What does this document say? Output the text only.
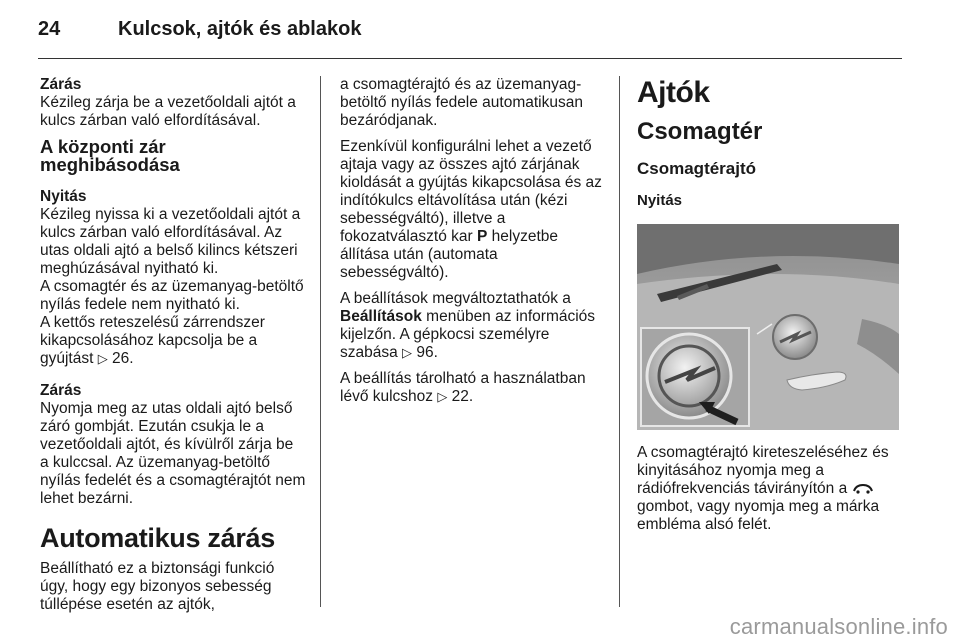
24	Kulcsok, ajtók és ablakok

Zárás
Kézileg zárja be a vezetőoldali ajtót a kulcs zárban való elfordításával.

A központi zár meghibásodása

Nyitás
Kézileg nyissa ki a vezetőoldali ajtót a kulcs zárban való elfordításával. Az utas oldali ajtó a belső kilincs kétszeri meghúzásával nyitható ki.

A csomagtér és az üzemanyag-betöltő nyílás fedele nem nyitható ki.

A kettős reteszelésű zárrendszer kikapcsolásához kapcsolja be a gyújtást ▷ 26.

Zárás
Nyomja meg az utas oldali ajtó belső záró gombját. Ezután csukja le a vezetőoldali ajtót, és kívülről zárja be a kulccsal. Az üzemanyag-betöltő nyílás fedelét és a csomagtérajtót nem lehet bezárni.

Automatikus zárás

Beállítható ez a biztonsági funkció úgy, hogy egy bizonyos sebesség túllépése esetén az ajtók,

a csomagtérajtó és az üzemanyag-betöltő nyílás fedele automatikusan bezáródjanak.

Ezenkívül konfigurálni lehet a vezető ajtaja vagy az összes ajtó zárjának kioldását a gyújtás kikapcsolása és az indítókulcs eltávolítása után (kézi sebességváltó), illetve a fokozatválasztó kar P helyzetbe állítása után (automata sebességváltó).

A beállítások megváltoztathatók a Beállítások menüben az információs kijelzőn. A gépkocsi személyre szabása ▷ 96.

A beállítás tárolható a használatban lévő kulcshoz ▷ 22.

Ajtók
Csomagtér
Csomagtérajtó
Nyitás

A csomagtérajtó kireteszeléséhez és kinyitásához nyomja meg a rádiófrekvenciás távirányítón a  gombot, vagy nyomja meg a márka embléma alsó felét.

carmanualsonline.info
